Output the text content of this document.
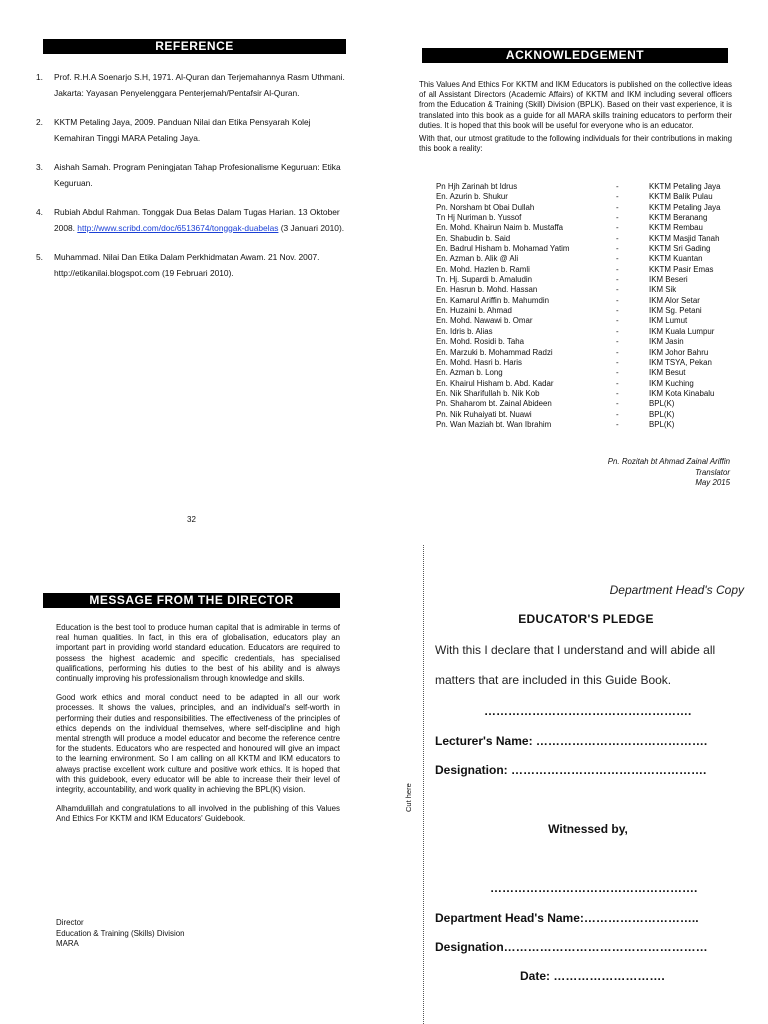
REFERENCE
1.	Prof. R.H.A Soenarjo S.H, 1971. Al-Quran dan Terjemahannya Rasm Uthmani. Jakarta: Yayasan Penyelenggara Penterjemah/Pentafsir Al-Quran.
2.	KKTM Petaling Jaya, 2009. Panduan Nilai dan Etika Pensyarah Kolej Kemahiran Tinggi MARA Petaling Jaya.
3.	Aishah Samah. Program Peningjatan Tahap Profesionalisme Keguruan: Etika Keguruan.
4.	Rubiah Abdul Rahman. Tonggak Dua Belas Dalam Tugas Harian. 13 Oktober 2008. http://www.scribd.com/doc/6513674/tonggak-duabelas (3 Januari 2010).
5.	Muhammad. Nilai Dan Etika Dalam Perkhidmatan Awam. 21 Nov. 2007. http://etikanilai.blogspot.com (19 Februari 2010).
32
ACKNOWLEDGEMENT

This Values And Ethics For KKTM and IKM Educators is published on the collective ideas of all Assistant Directors (Academic Affairs) of KKTM and IKM including several officers from the Education & Training (Skill) Division (BPLK). Based on their vast experience, it is translated into this book as a guide for all MARA skills training educators to perform their duties. It is hoped that this book will be useful for everyone who is an educator.

With that, our utmost gratitude to the following individuals for their contributions in making this book a reality:

Pn Hjh Zarinah bt Idrus	-	KKTM Petaling Jaya
En. Azurin b. Shukur	-	KKTM Balik Pulau
Pn. Norsham bt Obai Dullah	-	KKTM Petaling Jaya
Tn Hj Nuriman b. Yussof	-	KKTM Beranang
En. Mohd. Khairun Naim b. Mustaffa	-	KKTM Rembau
En. Shabudin b. Said	-	KKTM Masjid Tanah
En. Badrul Hisham b. Mohamad Yatim	-	KKTM Sri Gading
En. Azman b. Alik @ Ali	-	KKTM Kuantan
En. Mohd. Hazlen b. Ramli	-	KKTM Pasir Emas
Tn. Hj. Supardi b. Amaludin	-	IKM Beseri
En. Hasrun b. Mohd. Hassan	-	IKM Sik
En. Kamarul Ariffin b. Mahumdin	-	IKM Alor Setar
En. Huzaini b. Ahmad	-	IKM Sg. Petani
En. Mohd. Nawawi b. Omar	-	IKM Lumut
En. Idris b. Alias	-	IKM Kuala Lumpur
En. Mohd. Rosidi b. Taha	-	IKM Jasin
En. Marzuki b. Mohammad Radzi	-	IKM Johor Bahru
En. Mohd. Hasri b. Haris	-	IKM TSYA, Pekan
En. Azman b. Long	-	IKM Besut
En. Khairul Hisham b. Abd. Kadar	-	IKM Kuching
En. Nik Sharifullah b. Nik Kob	-	IKM Kota Kinabalu
Pn. Shaharom bt. Zainal Abideen	-	BPL(K)
Pn. Nik Ruhaiyati bt. Nuawi	-	BPL(K)
Pn. Wan Maziah bt. Wan Ibrahim	-	BPL(K)
Pn. Rozitah bt Ahmad Zainal Ariffin
Translator
May 2015
MESSAGE FROM THE DIRECTOR

Education is the best tool to produce human capital that is admirable in terms of real human qualities. In fact, in this era of globalisation, educators play an important part in providing world standard education. Educators are required to possess the highest academic and specific credentials, has specialised qualifications, performing his duties to the best of his ability and is always continually improving his professionalism through knowledge and skills.

Good work ethics and moral conduct need to be adapted in all our work processes. It shows the values, principles, and an individual's self-worth in performing their duties and responsibilities. The effectiveness of the principles of ethics depends on the individual themselves, where self-discipline and high mental strength will produce a model educator and become the reference centre for the students. Educators who are respected and honoured will give an impact to the learning environment. So I am calling on all KKTM and IKM educators to always practise excellent work culture and positive work ethics. It is hoped that with this guidebook, every educator will be able to increase their their level of integrity, accountability, and work quality in achieving the BPL(K) vision.

Alhamdulillah and congratulations to all involved in the publishing of this Values And Ethics For KKTM and IKM Educators' Guidebook.

Director
Education & Training (Skills) Division
MARA
Cut here
Department Head's Copy
EDUCATOR'S PLEDGE
With this I declare that I understand and will abide all
matters that are included in this Guide Book.
…………………………………………….
Lecturer's Name: …………………………………….
Designation: ………………………………………….
Witnessed by,
…………………………………………….
Department Head's Name:………………………..
Designation……………………………………………
Date: ……………………….
